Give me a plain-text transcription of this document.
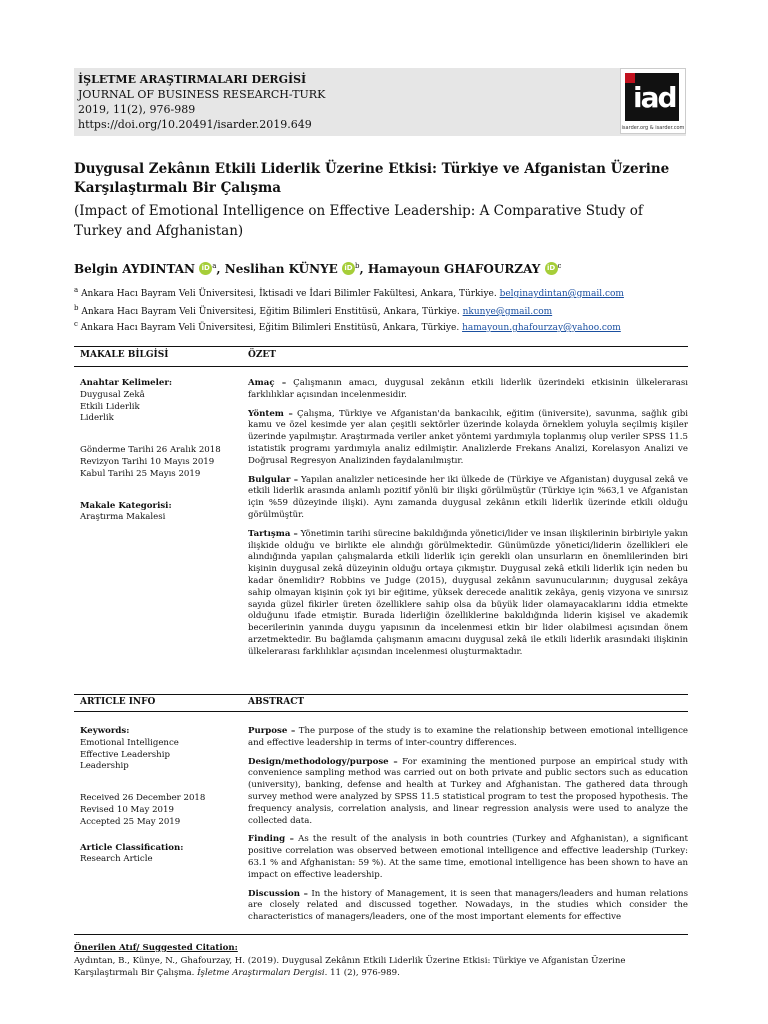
İŞLETME ARAŞTIRMALARI DERGİSİ
JOURNAL OF BUSINESS RESEARCH-TURK
2019, 11(2), 976-989
https://doi.org/10.20491/isarder.2019.649
iad
isarder.org & isarder.com
Duygusal Zekânın Etkili Liderlik Üzerine Etkisi: Türkiye ve Afganistan Üzerine Karşılaştırmalı Bir Çalışma
(Impact of Emotional Intelligence on Effective Leadership: A Comparative Study of Turkey and Afghanistan)
Belgin AYDINTAN iD $^a$, Neslihan KÜNYE iD $^b$, Hamayoun GHAFOURZAY iD $^c$
$^a$ Ankara Hacı Bayram Veli Üniversitesi, İktisadi ve İdari Bilimler Fakültesi, Ankara, Türkiye. belginaydintan@gmail.com
$^b$ Ankara Hacı Bayram Veli Üniversitesi, Eğitim Bilimleri Enstitüsü, Ankara, Türkiye. nkunye@gmail.com
$^c$ Ankara Hacı Bayram Veli Üniversitesi, Eğitim Bilimleri Enstitüsü, Ankara, Türkiye. hamayoun.ghafourzay@yahoo.com
MAKALE BİLGİSİ	ÖZET
Anahtar Kelimeler:
Duygusal Zekâ
Etkili Liderlik
Liderlik
Gönderme Tarihi 26 Aralık 2018
Revizyon Tarihi 10 Mayıs 2019
Kabul Tarihi 25 Mayıs 2019
Makale Kategorisi:
Araştırma Makalesi

Amaç – Çalışmanın amacı, duygusal zekânın etkili liderlik üzerindeki etkisinin ülkelerarası farklılıklar açısından incelenmesidir.

Yöntem – Çalışma, Türkiye ve Afganistan'da bankacılık, eğitim (üniversite), savunma, sağlık gibi kamu ve özel kesimde yer alan çeşitli sektörler üzerinde kolayda örneklem yoluyla seçilmiş kişiler üzerinde yapılmıştır. Araştırmada veriler anket yöntemi yardımıyla toplanmış olup veriler SPSS 11.5 istatistik programı yardımıyla analiz edilmiştir. Analizlerde Frekans Analizi, Korelasyon Analizi ve Doğrusal Regresyon Analizinden faydalanılmıştır.

Bulgular – Yapılan analizler neticesinde her iki ülkede de (Türkiye ve Afganistan) duygusal zekâ ve etkili liderlik arasında anlamlı pozitif yönlü bir ilişki görülmüştür (Türkiye için %63,1 ve Afganistan için %59 düzeyinde ilişki). Aynı zamanda duygusal zekânın etkili liderlik üzerinde etkili olduğu görülmüştür.

Tartışma – Yönetimin tarihi sürecine bakıldığında yönetici/lider ve insan ilişkilerinin birbiriyle yakın ilişkide olduğu ve birlikte ele alındığı görülmektedir. Günümüzde yönetici/liderin özellikleri ele alındığında yapılan çalışmalarda etkili liderlik için gerekli olan unsurların en önemlilerinden biri kişinin duygusal zekâ düzeyinin olduğu ortaya çıkmıştır. Duygusal zekâ etkili liderlik için neden bu kadar önemlidir? Robbins ve Judge (2015), duygusal zekânın savunucularının; duygusal zekâya sahip olmayan kişinin çok iyi bir eğitime, yüksek derecede analitik zekâya, geniş vizyona ve sınırsız sayıda güzel fikirler üreten özelliklere sahip olsa da büyük lider olamayacaklarını iddia etmekte olduğunu ifade etmiştir. Burada liderliğin özelliklerine bakıldığında liderin kişisel ve akademik becerilerinin yanında duygu yapısının da incelenmesi etkin bir lider olabilmesi açısından önem arzetmektedir. Bu bağlamda çalışmanın amacını duygusal zekâ ile etkili liderlik arasındaki ilişkinin ülkelerarası farklılıklar açısından incelenmesi oluşturmaktadır.

ARTICLE INFO	ABSTRACT
Keywords:
Emotional Intelligence
Effective Leadership
Leadership
Received 26 December 2018
Revised 10 May 2019
Accepted 25 May 2019
Article Classification:
Research Article

Purpose – The purpose of the study is to examine the relationship between emotional intelligence and effective leadership in terms of inter-country differences.

Design/methodology/purpose – For examining the mentioned purpose an empirical study with convenience sampling method was carried out on both private and public sectors such as education (university), banking, defense and health at Turkey and Afghanistan. The gathered data through survey method were analyzed by SPSS 11.5 statistical program to test the proposed hypothesis. The frequency analysis, correlation analysis, and linear regression analysis were used to analyze the collected data.

Finding – As the result of the analysis in both countries (Turkey and Afghanistan), a significant positive correlation was observed between emotional intelligence and effective leadership (Turkey: 63.1 % and Afghanistan: 59 %). At the same time, emotional intelligence has been shown to have an impact on effective leadership.

Discussion – In the history of Management, it is seen that managers/leaders and human relations are closely related and discussed together. Nowadays, in the studies which consider the characteristics of managers/leaders, one of the most important elements for effective

Önerilen Atıf/ Suggested Citation:
Aydıntan, B., Künye, N., Ghafourzay, H. (2019). Duygusal Zekânın Etkili Liderlik Üzerine Etkisi: Türkiye ve Afganistan Üzerine Karşılaştırmalı Bir Çalışma. İşletme Araştırmaları Dergisi. 11 (2), 976-989.
